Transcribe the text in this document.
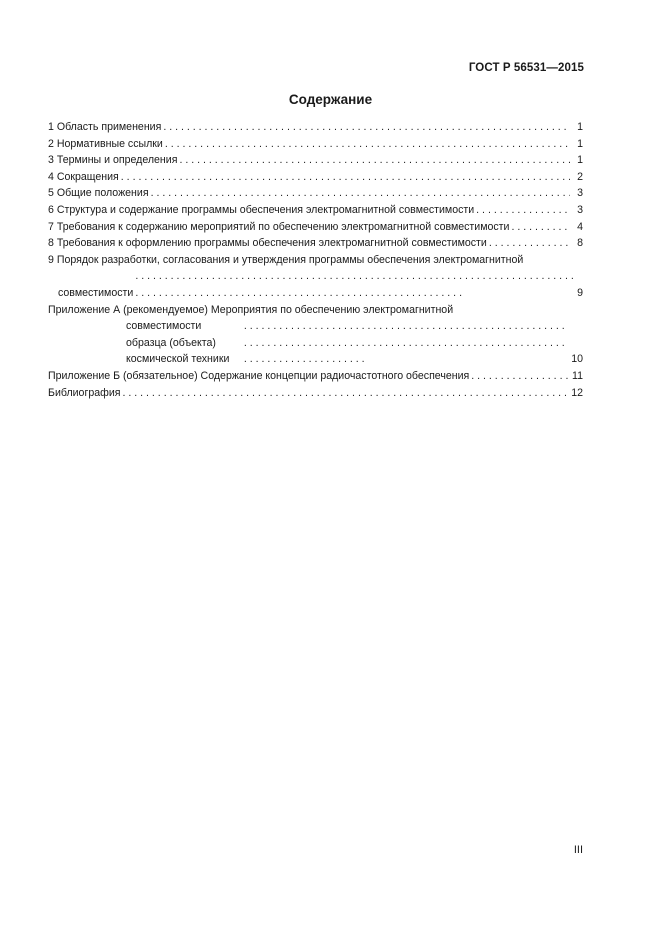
ГОСТ Р 56531—2015
Содержание
1 Область применения . . .	1
2 Нормативные ссылки . . .	1
3 Термины и определения . . .	1
4 Сокращения . . .	2
5 Общие положения . . .	3
6 Структура и содержание программы обеспечения электромагнитной совместимости . . .	3
7 Требования к содержанию мероприятий по обеспечению электромагнитной совместимости . . .	4
8 Требования к оформлению программы обеспечения электромагнитной совместимости . . .	8
9 Порядок разработки, согласования и утверждения программы обеспечения электромагнитной
совместимости . . .	9
Приложение А (рекомендуемое) Мероприятия по обеспечению электромагнитной
совместимости образца (объекта) космической техники . . .	10
Приложение Б (обязательное) Содержание концепции радиочастотного обеспечения . . .	11
Библиография . . .	12
III
